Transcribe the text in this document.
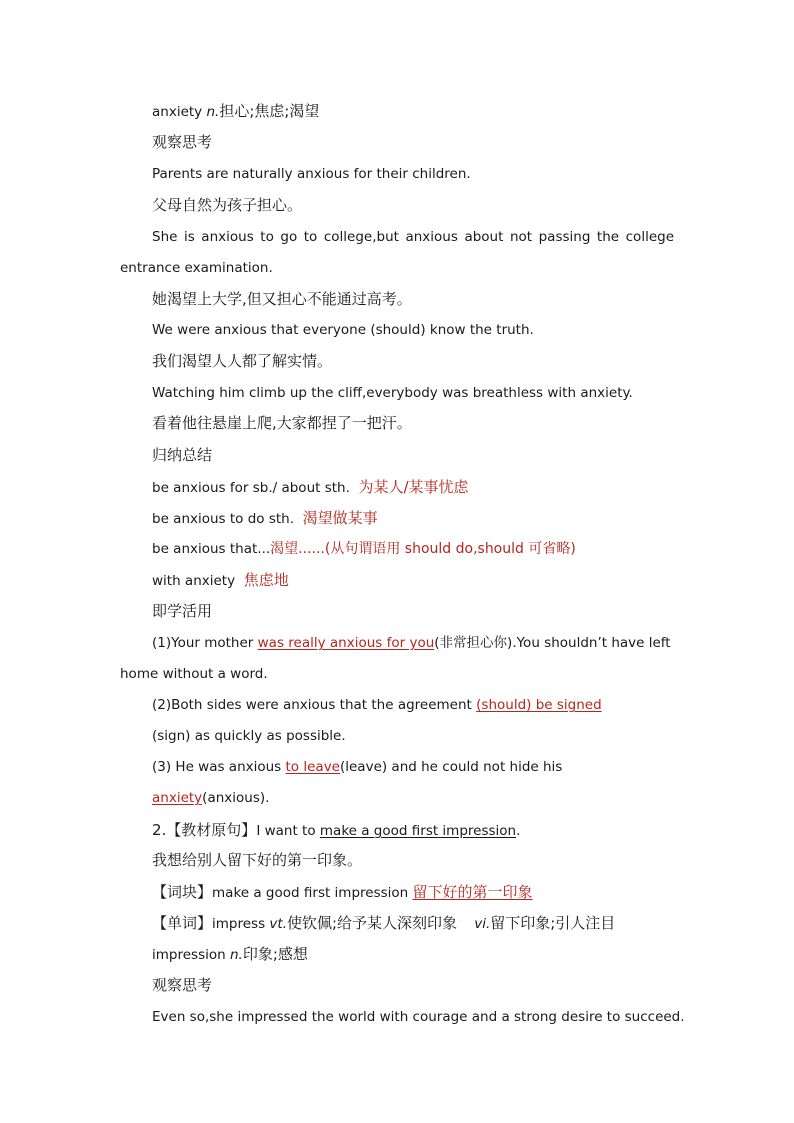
anxiety n.担心;焦虑;渴望
观察思考
Parents are naturally anxious for their children.
父母自然为孩子担心。
She is anxious to go to college,but anxious about not passing the college
entrance examination.
她渴望上大学,但又担心不能通过高考。
We were anxious that everyone (should) know the truth.
我们渴望人人都了解实情。
Watching him climb up the cliff,everybody was breathless with anxiety.
看着他往悬崖上爬,大家都捏了一把汗。
归纳总结
be anxious for sb./ about sth. 为某人/某事忧虑
be anxious to do sth. 渴望做某事
be anxious that...渴望......(从句谓语用 should do,should 可省略)
with anxiety 焦虑地
即学活用
(1)Your mother was really anxious for you(非常担心你).You shouldn’t have left
home without a word.
(2)Both sides were anxious that the agreement (should) be signed
(sign) as quickly as possible.
(3) He was anxious to leave(leave) and he could not hide his
anxiety(anxious).
2.【教材原句】I want to make a good first impression.
我想给别人留下好的第一印象。
【词块】make a good first impression 留下好的第一印象
【单词】impress vt.使钦佩;给予某人深刻印象 vi.留下印象;引人注目
impression n.印象;感想
观察思考
Even so,she impressed the world with courage and a strong desire to succeed.
